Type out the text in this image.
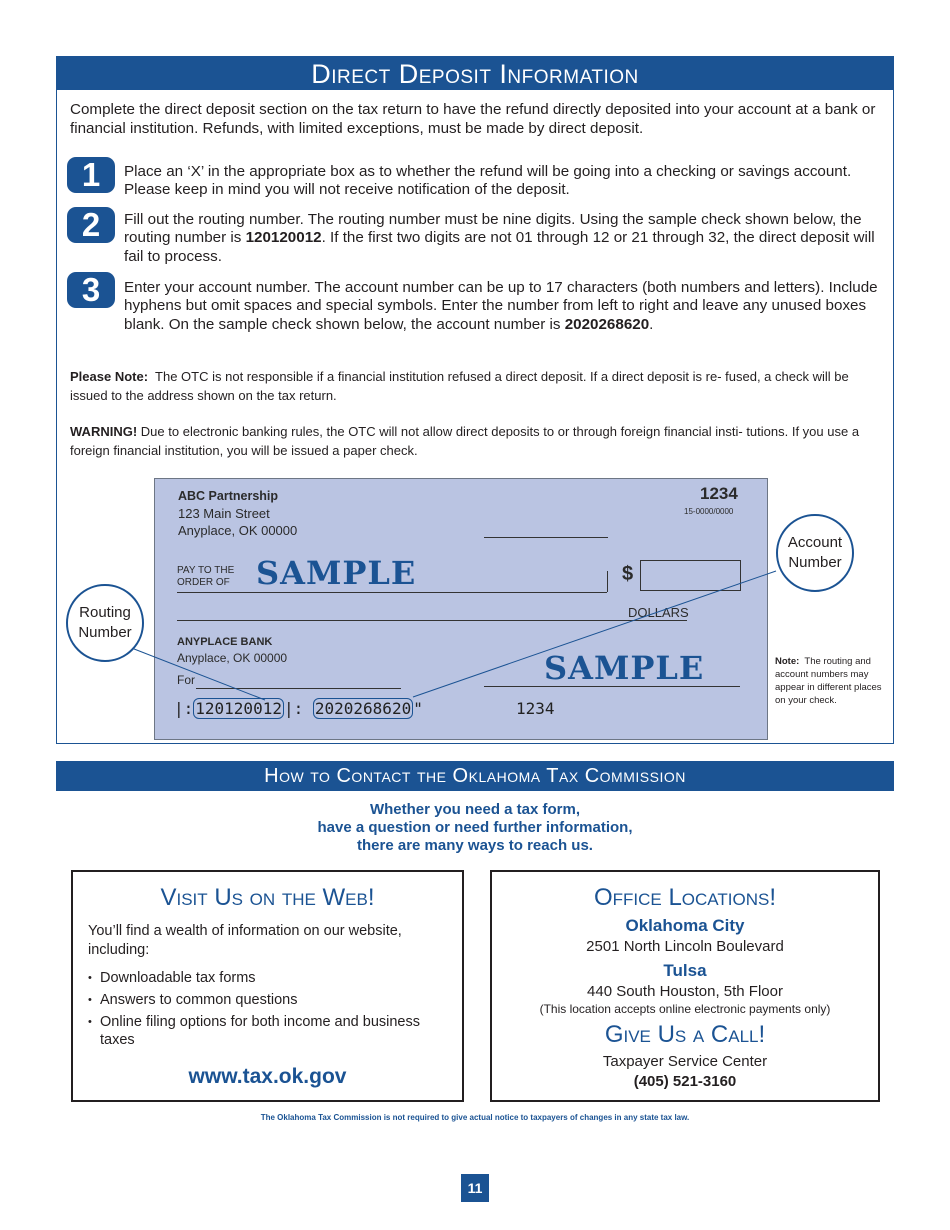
Direct Deposit Information
Complete the direct deposit section on the tax return to have the refund directly deposited into your account at a bank or financial institution. Refunds, with limited exceptions, must be made by direct deposit.
1	Place an ‘X’ in the appropriate box as to whether the refund will be going into a checking or savings account. Please keep in mind you will not receive notification of the deposit.
2	Fill out the routing number. The routing number must be nine digits. Using the sample check shown below, the routing number is 120120012. If the first two digits are not 01 through 12 or 21 through 32, the direct deposit will fail to process.
3	Enter your account number. The account number can be up to 17 characters (both numbers and letters). Include hyphens but omit spaces and special symbols. Enter the number from left to right and leave any unused boxes blank. On the sample check shown below, the account number is 2020268620.
Please Note: The OTC is not responsible if a financial institution refused a direct deposit. If a direct deposit is re- fused, a check will be issued to the address shown on the tax return.
WARNING! Due to electronic banking rules, the OTC will not allow direct deposits to or through foreign financial insti- tutions. If you use a foreign financial institution, you will be issued a paper check.
ABC Partnership
123 Main Street
Anyplace, OK 00000
1234
15-0000/0000
PAY TO THE
ORDER OF SAMPLE	$
DOLLARS
ANYPLACE BANK
Anyplace, OK 00000
For	SAMPLE
|: 120120012 |: 2020268620 "	1234
Routing Number
Account Number
Note: The routing and account numbers may appear in different places on your check.
How to Contact the Oklahoma Tax Commission
Whether you need a tax form,
have a question or need further information,
there are many ways to reach us.
Visit Us on the Web!
You’ll find a wealth of information on our website, including:
• Downloadable tax forms
• Answers to common questions
• Online filing options for both income and business taxes
www.tax.ok.gov
Office Locations!
Oklahoma City
2501 North Lincoln Boulevard
Tulsa
440 South Houston, 5th Floor
(This location accepts online electronic payments only)
Give Us a Call!
Taxpayer Service Center
(405) 521-3160
The Oklahoma Tax Commission is not required to give actual notice to taxpayers of changes in any state tax law.
11
